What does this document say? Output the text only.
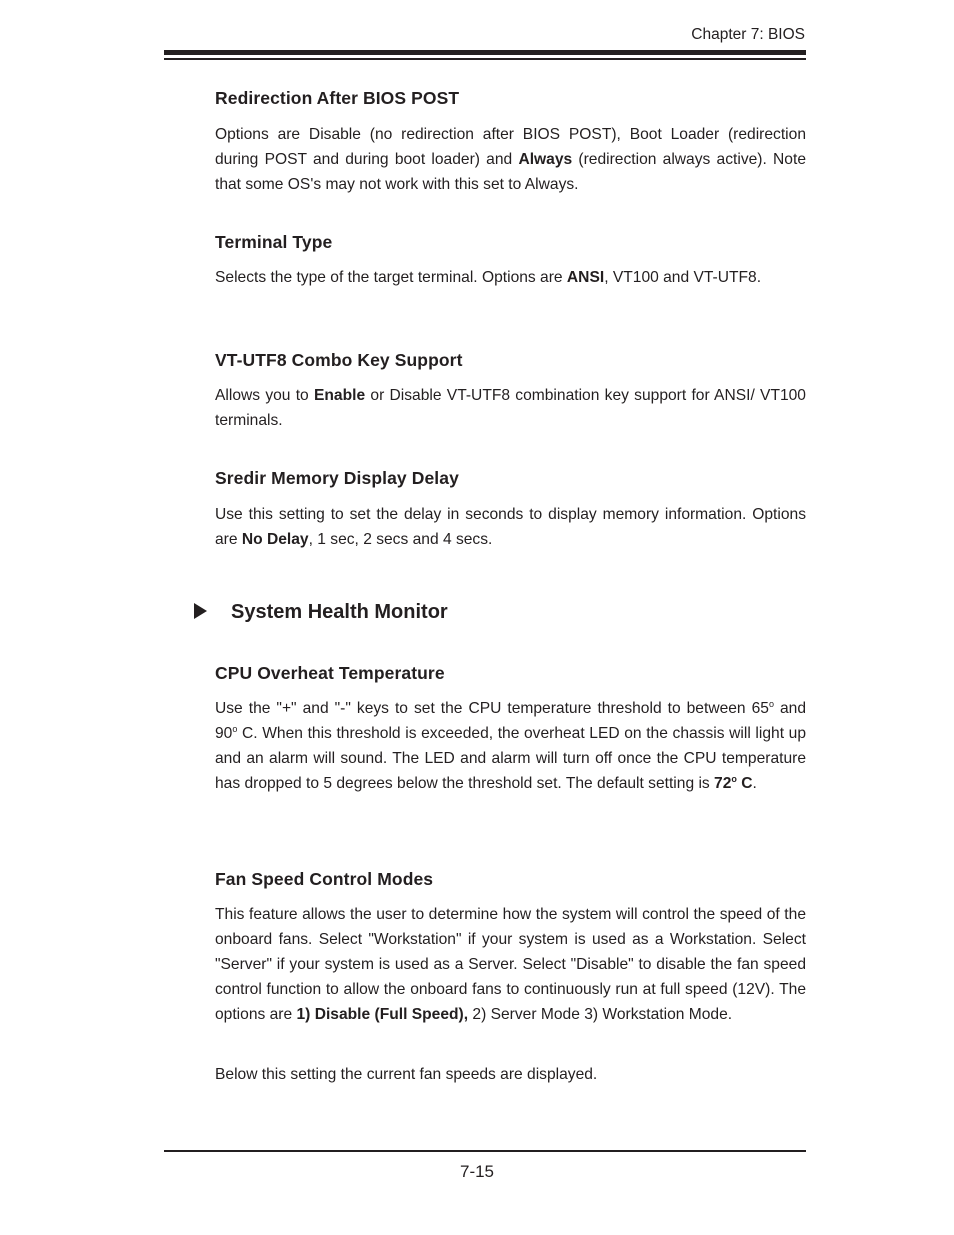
Chapter 7: BIOS
Redirection After BIOS POST

Options are Disable (no redirection after BIOS POST), Boot Loader (redirection during POST and during boot loader) and Always (redirection always active). Note that some OS's may not work with this set to Always.

Terminal Type

Selects the type of the target terminal. Options are ANSI, VT100 and VT-UTF8.

VT-UTF8 Combo Key Support

Allows you to Enable or Disable VT-UTF8 combination key support for ANSI/ VT100 terminals.

Sredir Memory Display Delay

Use this setting to set the delay in seconds to display memory information. Options are No Delay, 1 sec, 2 secs and 4 secs.

CPU Overheat Temperature

Use the "+" and "-" keys to set the CPU temperature threshold to between 65$^o$ and 90$^o$ C. When this threshold is exceeded, the overheat LED on the chassis will light up and an alarm will sound. The LED and alarm will turn off once the CPU temperature has dropped to 5 degrees below the threshold set. The default setting is 72$^o$ C.

Fan Speed Control Modes

This feature allows the user to determine how the system will control the speed of the onboard fans. Select "Workstation" if your system is used as a Workstation. Select "Server" if your system is used as a Server. Select "Disable" to disable the fan speed control function to allow the onboard fans to continuously run at full speed (12V). The options are 1) Disable (Full Speed), 2) Server Mode 3) Workstation Mode.

Below this setting the current fan speeds are displayed.

System Health Monitor
7-15
